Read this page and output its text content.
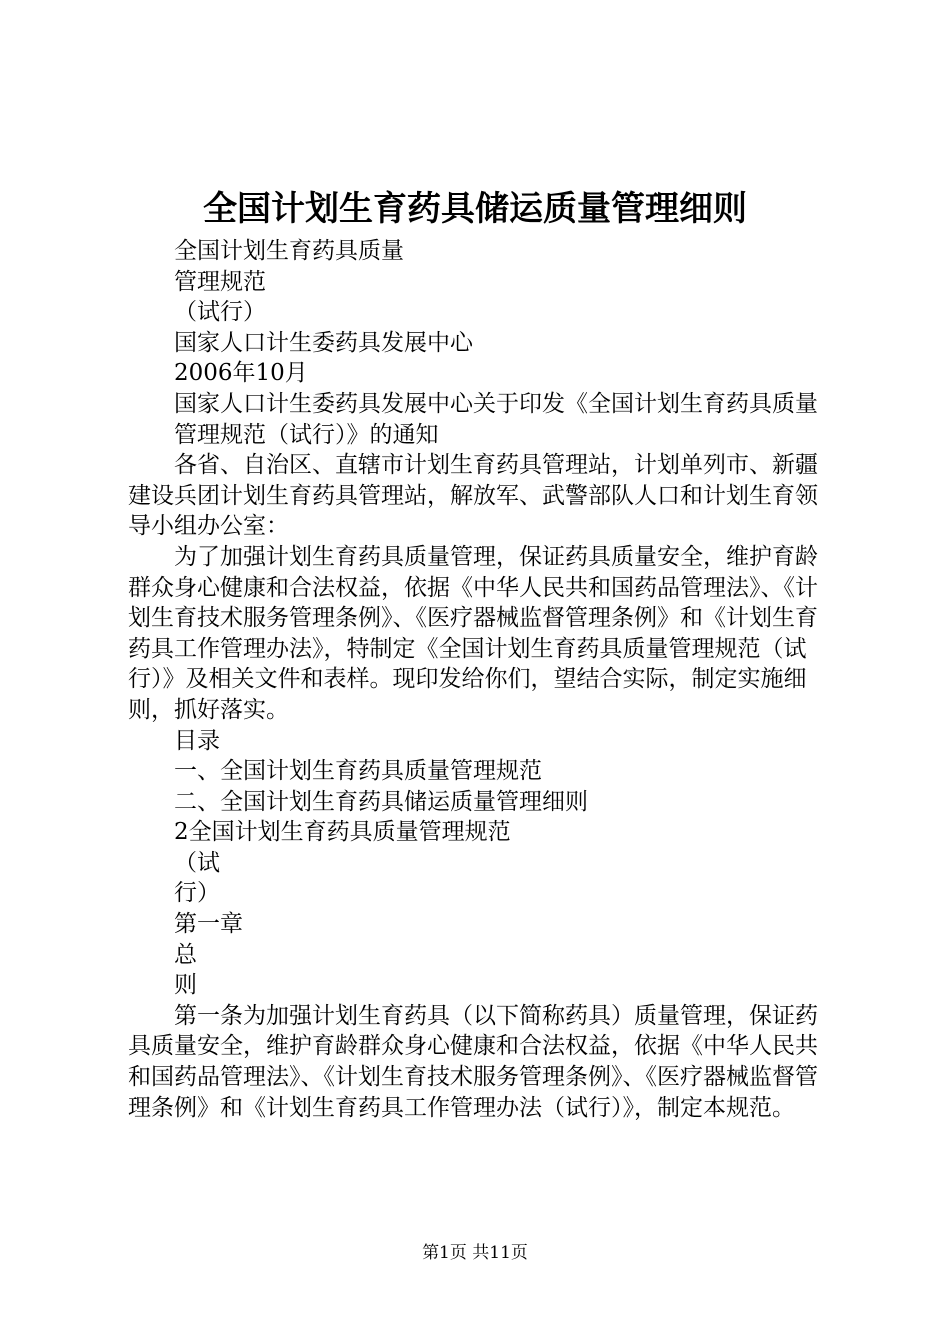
全国计划生育药具储运质量管理细则

全国计划生育药具质量

管理规范

（试行）

国家人口计生委药具发展中心

2006年10月

国家人口计生委药具发展中心关于印发《全国计划生育药具质量

管理规范（试行）》的通知

各省、自治区、直辖市计划生育药具管理站，计划单列市、新疆建设兵团计划生育药具管理站，解放军、武警部队人口和计划生育领导小组办公室：

为了加强计划生育药具质量管理，保证药具质量安全，维护育龄群众身心健康和合法权益，依据《中华人民共和国药品管理法》、《计划生育技术服务管理条例》、《医疗器械监督管理条例》和《计划生育药具工作管理办法》，特制定《全国计划生育药具质量管理规范（试行）》及相关文件和表样。现印发给你们，望结合实际，制定实施细则，抓好落实。

目录

一、全国计划生育药具质量管理规范

二、全国计划生育药具储运质量管理细则

2全国计划生育药具质量管理规范

（试

行）

第一章

总

则

第一条为加强计划生育药具（以下简称药具）质量管理，保证药具质量安全，维护育龄群众身心健康和合法权益，依据《中华人民共和国药品管理法》、《计划生育技术服务管理条例》、《医疗器械监督管理条例》和《计划生育药具工作管理办法（试行）》，制定本规范。

第1页 共11页
